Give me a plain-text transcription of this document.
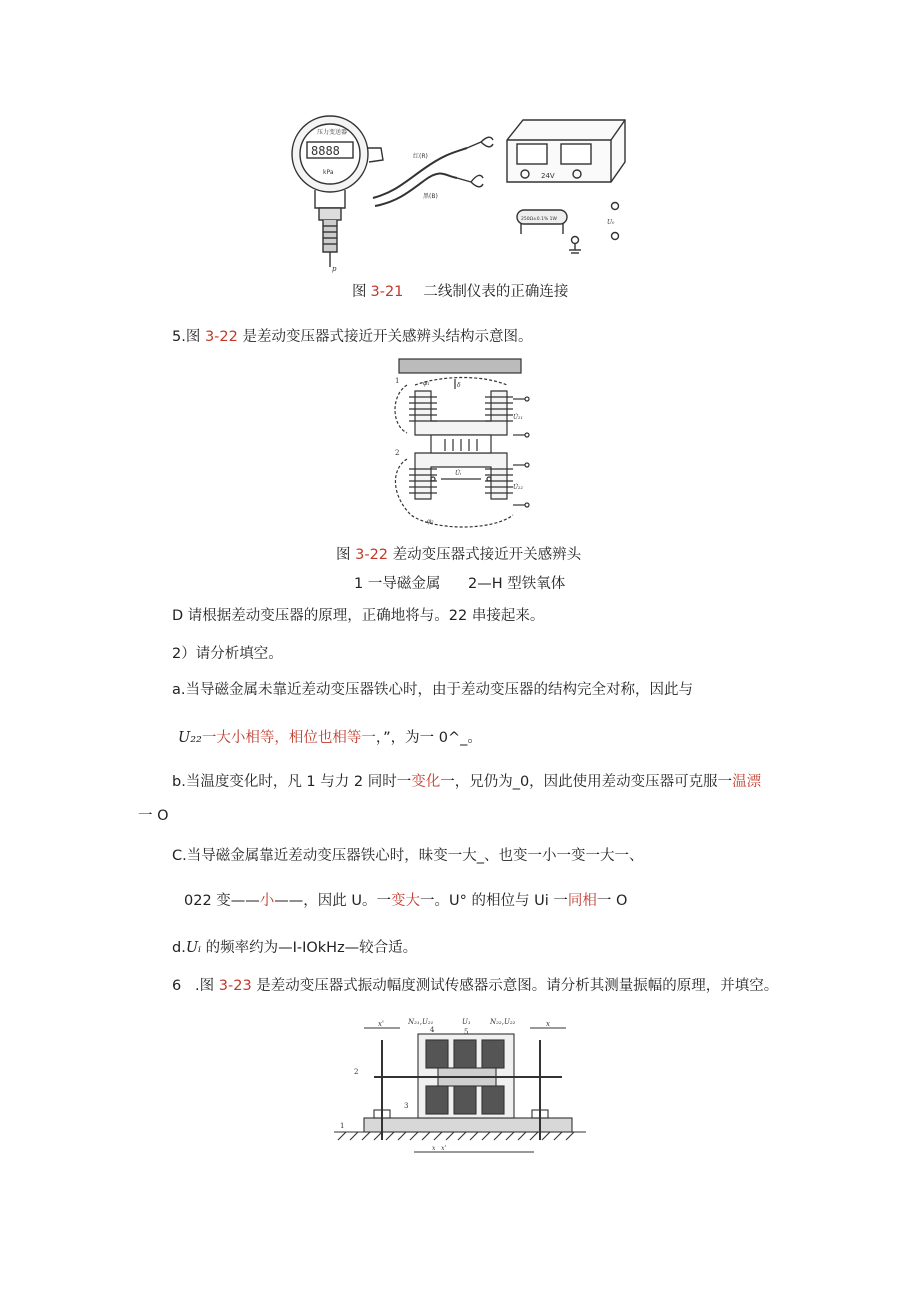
压力变送器
8888
kPa
红(R)
黑(B)
24V
250Ω±0.1% 1W	U₀
p
图 3-21 二线制仪表的正确连接
5.图 3-22 是差动变压器式接近开关感辨头结构示意图。
1
2
φ₁
φ₂
U̇₂₁
U̇₂₂
U̇ᵢ
δ
图 3-22 差动变压器式接近开关感辨头
1 一导磁金属      2—H 型铁氧体
D 请根据差动变压器的原理，正确地将与。22 串接起来。
2）请分析填空。
a.当导磁金属未靠近差动变压器铁心时，由于差动变压器的结构完全对称，因此与
U₂₂一大小相等，相位也相等一，”，为一 0^_。
b.当温度变化时，凡 1 与力 2 同时一变化一，兄仍为_0，因此使用差动变压器可克服一温漂
一 O
C.当导磁金属靠近差动变压器铁心时，昧变一大_、也变一小一变一大一、
022 变——小——，因此 U。一变大一。U° 的相位与 Ui 一同相一 O
d.Uᵢ 的频率约为—I-IOkHz—较合适。
6   .图 3-23 是差动变压器式振动幅度测试传感器示意图。请分析其测量振幅的原理，并填空。
N₂₁,U₂₁
4
U₁
5
N₂₂,U₂₂
x'	x
2
3
1
x   x'
